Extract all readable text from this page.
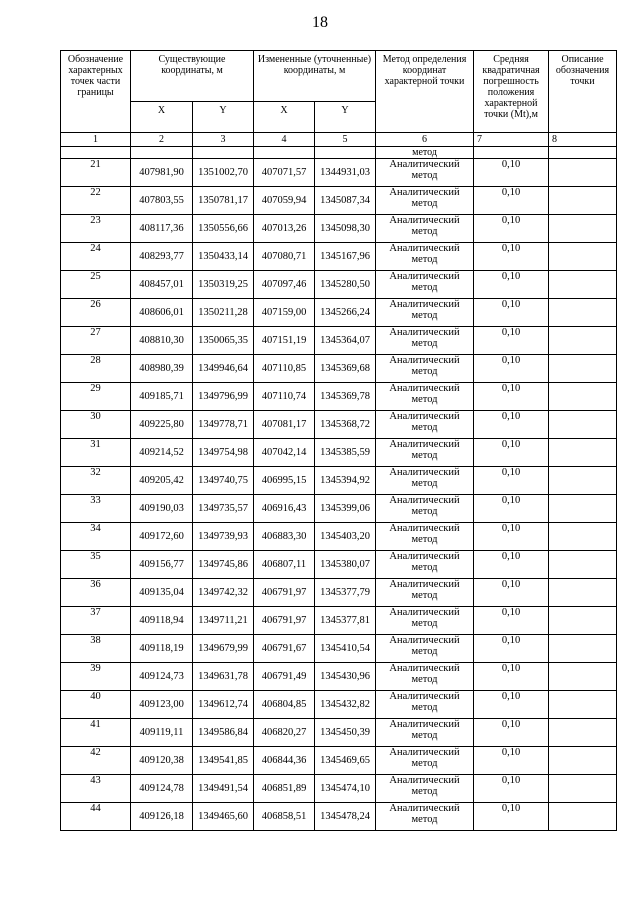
18
Обозначение характерных точек части границы	Существующие координаты, м		Измененные (уточненные) координаты, м		Метод определения координат характерной точки	Средняя квадратичная погрешность положения характерной точки (Mt),м	Описание обозначения точки
	X	Y	X	Y			
1	2	3	4	5	6	7	8
					метод		
21	407981,90	1351002,70	407071,57	1344931,03	Аналитический метод	0,10	
22	407803,55	1350781,17	407059,94	1345087,34	Аналитический метод	0,10	
23	408117,36	1350556,66	407013,26	1345098,30	Аналитический метод	0,10	
24	408293,77	1350433,14	407080,71	1345167,96	Аналитический метод	0,10	
25	408457,01	1350319,25	407097,46	1345280,50	Аналитический метод	0,10	
26	408606,01	1350211,28	407159,00	1345266,24	Аналитический метод	0,10	
27	408810,30	1350065,35	407151,19	1345364,07	Аналитический метод	0,10	
28	408980,39	1349946,64	407110,85	1345369,68	Аналитический метод	0,10	
29	409185,71	1349796,99	407110,74	1345369,78	Аналитический метод	0,10	
30	409225,80	1349778,71	407081,17	1345368,72	Аналитический метод	0,10	
31	409214,52	1349754,98	407042,14	1345385,59	Аналитический метод	0,10	
32	409205,42	1349740,75	406995,15	1345394,92	Аналитический метод	0,10	
33	409190,03	1349735,57	406916,43	1345399,06	Аналитический метод	0,10	
34	409172,60	1349739,93	406883,30	1345403,20	Аналитический метод	0,10	
35	409156,77	1349745,86	406807,11	1345380,07	Аналитический метод	0,10	
36	409135,04	1349742,32	406791,97	1345377,79	Аналитический метод	0,10	
37	409118,94	1349711,21	406791,97	1345377,81	Аналитический метод	0,10	
38	409118,19	1349679,99	406791,67	1345410,54	Аналитический метод	0,10	
39	409124,73	1349631,78	406791,49	1345430,96	Аналитический метод	0,10	
40	409123,00	1349612,74	406804,85	1345432,82	Аналитический метод	0,10	
41	409119,11	1349586,84	406820,27	1345450,39	Аналитический метод	0,10	
42	409120,38	1349541,85	406844,36	1345469,65	Аналитический метод	0,10	
43	409124,78	1349491,54	406851,89	1345474,10	Аналитический метод	0,10	
44	409126,18	1349465,60	406858,51	1345478,24	Аналитический метод	0,10	
